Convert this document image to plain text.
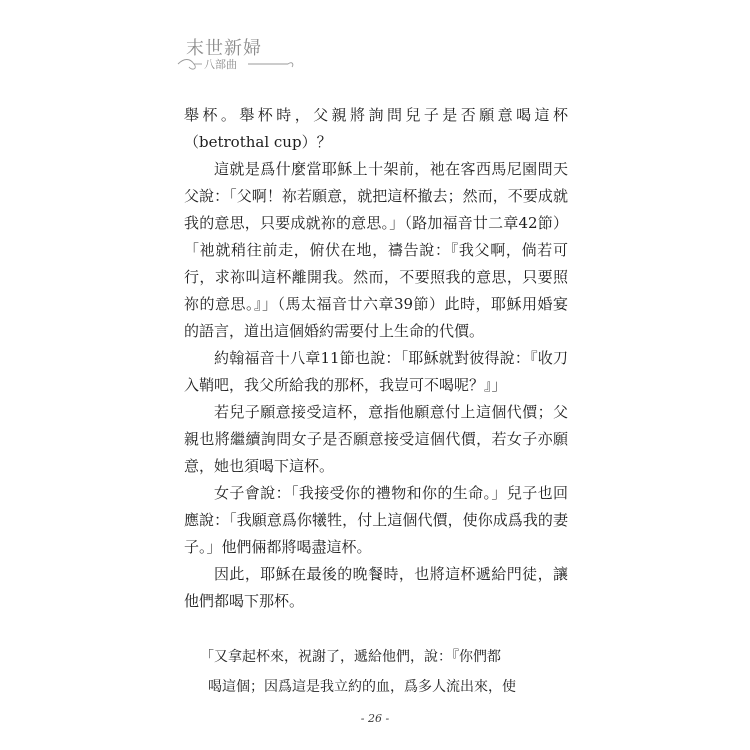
末世新婦
八部曲

舉杯。舉杯時，父親將詢問兒子是否願意喝這杯（betrothal cup）？

這就是爲什麼當耶穌上十架前，祂在客西馬尼園問天父說：「父啊！祢若願意，就把這杯撤去；然而，不要成就我的意思，只要成就祢的意思。」（路加福音廿二章42節）「祂就稍往前走，俯伏在地，禱告說：『我父啊，倘若可行，求祢叫這杯離開我。然而，不要照我的意思，只要照祢的意思。』」（馬太福音廿六章39節）此時，耶穌用婚宴的語言，道出這個婚約需要付上生命的代價。

約翰福音十八章11節也說：「耶穌就對彼得說：『收刀入鞘吧，我父所給我的那杯，我豈可不喝呢？』」

若兒子願意接受這杯，意指他願意付上這個代價；父親也將繼續詢問女子是否願意接受這個代價，若女子亦願意，她也須喝下這杯。

女子會說：「我接受你的禮物和你的生命。」兒子也回應說：「我願意爲你犧牲，付上這個代價，使你成爲我的妻子。」他們倆都將喝盡這杯。

因此，耶穌在最後的晚餐時，也將這杯遞給門徒，讓他們都喝下那杯。

「又拿起杯來，祝謝了，遞給他們，說：『你們都

喝這個；因爲這是我立約的血，爲多人流出來，使

- 26 -
